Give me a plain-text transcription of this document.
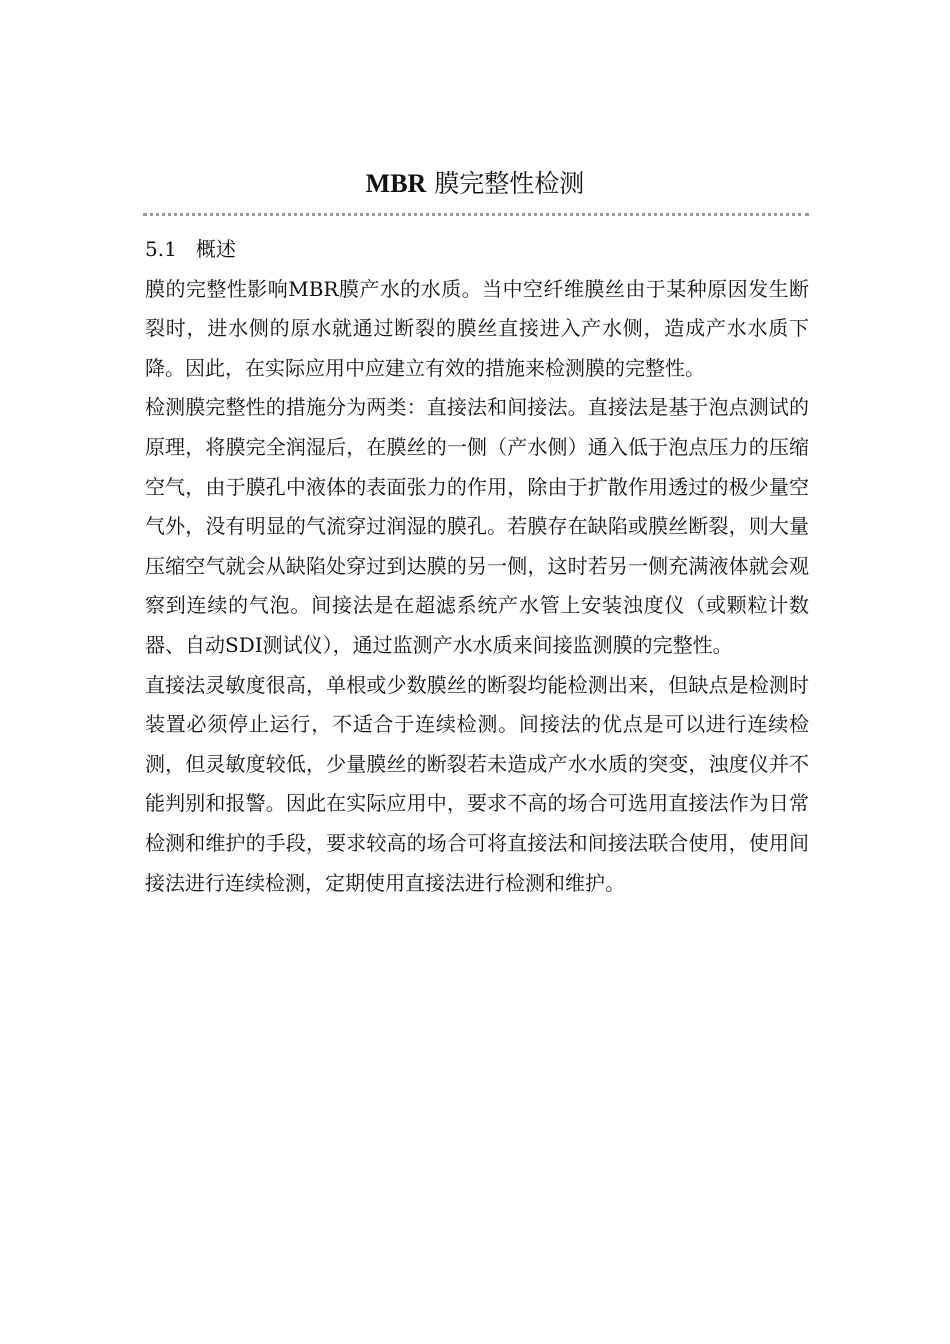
MBR 膜完整性检测

5.1 概述

膜的完整性影响MBR膜产水的水质。当中空纤维膜丝由于某种原因发生断裂时，进水侧的原水就通过断裂的膜丝直接进入产水侧，造成产水水质下降。因此，在实际应用中应建立有效的措施来检测膜的完整性。

检测膜完整性的措施分为两类：直接法和间接法。直接法是基于泡点测试的原理，将膜完全润湿后，在膜丝的一侧（产水侧）通入低于泡点压力的压缩空气，由于膜孔中液体的表面张力的作用，除由于扩散作用透过的极少量空气外，没有明显的气流穿过润湿的膜孔。若膜存在缺陷或膜丝断裂，则大量压缩空气就会从缺陷处穿过到达膜的另一侧，这时若另一侧充满液体就会观察到连续的气泡。间接法是在超滤系统产水管上安装浊度仪（或颗粒计数器、自动SDI测试仪），通过监测产水水质来间接监测膜的完整性。

直接法灵敏度很高，单根或少数膜丝的断裂均能检测出来，但缺点是检测时装置必须停止运行，不适合于连续检测。间接法的优点是可以进行连续检测，但灵敏度较低，少量膜丝的断裂若未造成产水水质的突变，浊度仪并不能判别和报警。因此在实际应用中，要求不高的场合可选用直接法作为日常检测和维护的手段，要求较高的场合可将直接法和间接法联合使用，使用间接法进行连续检测，定期使用直接法进行检测和维护。
